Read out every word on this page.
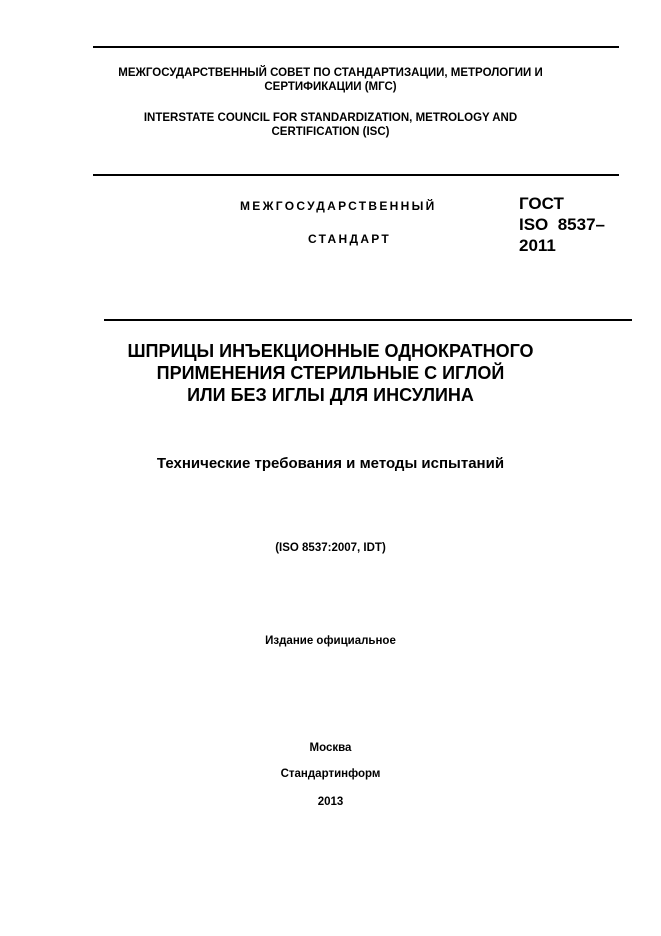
МЕЖГОСУДАРСТВЕННЫЙ СОВЕТ ПО СТАНДАРТИЗАЦИИ, МЕТРОЛОГИИ И
СЕРТИФИКАЦИИ (МГС)
INTERSTATE COUNCIL FOR STANDARDIZATION, METROLOGY AND
CERTIFICATION (ISC)
МЕЖГОСУДАРСТВЕННЫЙ
СТАНДАРТ
ГОСТ
ISO  8537–
2011
ШПРИЦЫ ИНЪЕКЦИОННЫЕ ОДНОКРАТНОГО
ПРИМЕНЕНИЯ СТЕРИЛЬНЫЕ С ИГЛОЙ
ИЛИ БЕЗ ИГЛЫ ДЛЯ ИНСУЛИНА
Технические требования и методы испытаний
(ISO 8537:2007, IDT)
Издание официальное
Москва
Стандартинформ
2013
